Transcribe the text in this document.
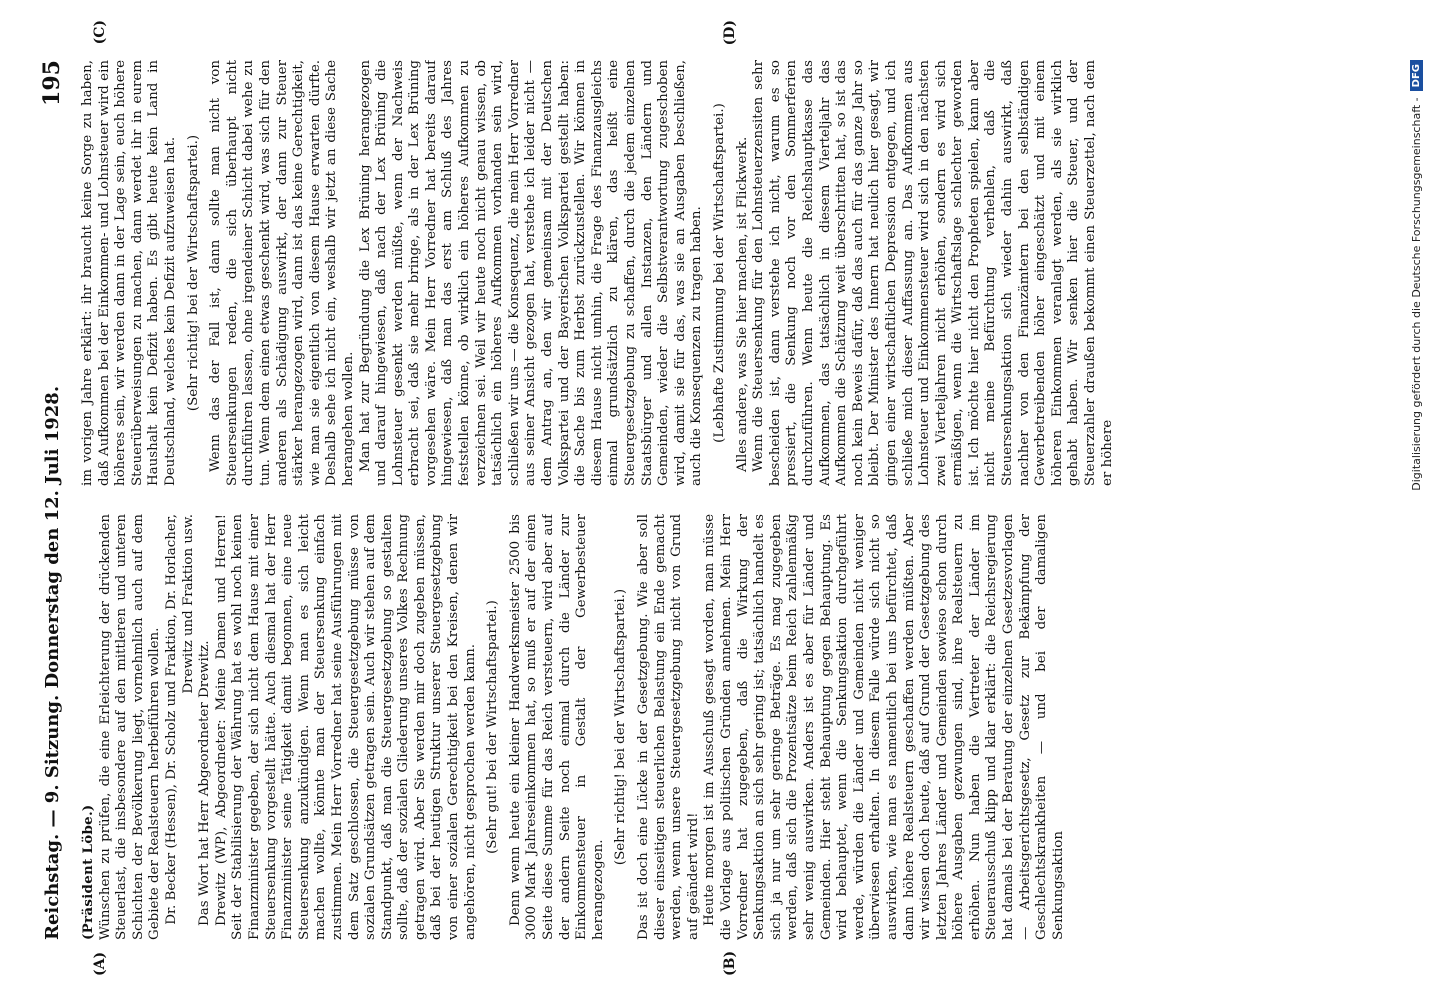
Reichstag. — 9. Sitzung. Donnerstag den 12. Juli 1928.
195

(Präsident Löbe.) Wünschen zu prüfen, die eine Erleichterung der drückenden Steuerlast, die insbesondere auf den mittleren und unteren Schichten der Bevölkerung liegt, vornehmlich auch auf dem Gebiete der Realsteuern herbeiführen wollen. Dr. Becker (Hessen), Dr. Scholz und Fraktion, Dr. Horlacher, Drewitz und Fraktion usw.

Das Wort hat Herr Abgeordneter Drewitz. Drewitz (WP), Abgeordneter: Meine Damen und Herren! Seit der Stabilisierung der Währung hat es wohl noch keinen Finanzminister gegeben, der sich nicht dem Hause mit einer Steuersenkung vorgestellt hätte. Auch diesmal hat der Herr Finanzminister seine Tätigkeit damit begonnen, eine neue Steuersenkung anzukündigen. Wenn man es sich leicht machen wollte, könnte man der Steuersenkung einfach zustimmen. Mein Herr Vorredner hat seine Ausführungen mit dem Satz geschlossen, die Steuergesetzgebung müsse von sozialen Grundsätzen getragen sein. Auch wir stehen auf dem Standpunkt, daß man die Steuergesetzgebung so gestalten sollte, daß der sozialen Gliederung unseres Volkes Rechnung getragen wird. Aber Sie werden mir doch zugeben müssen, daß bei der heutigen Struktur unserer Steuergesetzgebung von einer sozialen Gerechtigkeit bei den Kreisen, denen wir angehören, nicht gesprochen werden kann. (Sehr gut! bei der Wirtschaftspartei.) Denn wenn heute ein kleiner Handwerksmeister 2500 bis 3000 Mark Jahreseinkommen hat, so muß er auf der einen Seite diese Summe für das Reich versteuern, wird aber auf der andern Seite noch einmal durch die Länder zur Einkommensteuer in Gestalt der Gewerbesteuer herangezogen.

(Sehr richtig! bei der Wirtschaftspartei.) Das ist doch eine Lücke in der Gesetzgebung. Wie aber soll dieser einseitigen steuerlichen Belastung ein Ende gemacht werden, wenn unsere Steuergesetzgebung nicht von Grund auf geändert wird! Heute morgen ist im Ausschuß gesagt worden, man müsse die Vorlage aus politischen Gründen annehmen. Mein Herr Vorredner hat zugegeben, daß die Wirkung der Senkungsaktion an sich sehr gering ist; tatsächlich handelt es sich ja nur um sehr geringe Beträge. Es mag zugegeben werden, daß sich die Prozentsätze beim Reich zahlenmäßig sehr wenig auswirken. Anders ist es aber für Länder und Gemeinden. Hier steht Behauptung gegen Behauptung. Es wird behauptet, wenn die Senkungsaktion durchgeführt werde, würden die Länder und Gemeinden nicht weniger überwiesen erhalten. In diesem Falle würde sich nicht so auswirken, wie man es namentlich bei uns befürchtet, daß dann höhere Realsteuern geschaffen werden müßten. Aber wir wissen doch heute, daß auf Grund der Gesetzgebung des letzten Jahres Länder und Gemeinden sowieso schon durch höhere Ausgaben gezwungen sind, ihre Realsteuern zu erhöhen. Nun haben die Vertreter der Länder im Steuerausschuß klipp und klar erklärt: die Reichsregierung hat damals bei der Beratung der einzelnen Gesetzesvorlagen — Arbeitsgerichtsgesetz, Gesetz zur Bekämpfung der Geschlechtskrankheiten — und bei der damaligen Senkungsaktion

im vorigen Jahre erklärt: ihr braucht keine Sorge zu haben, daß Aufkommen bei der Einkommen- und Lohnsteuer wird ein höheres sein, wir werden dann in der Lage sein, euch höhere Steuerüberweisungen zu machen, dann werdet ihr in eurem Haushalt kein Defizit haben. Es gibt heute kein Land in Deutschland, welches kein Defizit aufzuweisen hat. (Sehr richtig! bei der Wirtschaftspartei.) Wenn das der Fall ist, dann sollte man nicht von Steuersenkungen reden, die sich überhaupt nicht durchführen lassen, ohne irgendeiner Schicht dabei wehe zu tun. Wenn dem einen etwas geschenkt wird, was sich für den anderen als Schädigung auswirkt, der dann zur Steuer stärker herangezogen wird, dann ist das keine Gerechtigkeit, wie man sie eigentlich von diesem Hause erwarten dürfte. Deshalb sehe ich nicht ein, weshalb wir jetzt an diese Sache herangehen wollen. Man hat zur Begründung die Lex Brüning herangezogen und darauf hingewiesen, daß nach der Lex Brüning die Lohnsteuer gesenkt werden müßte, wenn der Nachweis erbracht sei, daß sie mehr bringe, als in der Lex Brüning vorgesehen wäre. Mein Herr Vorredner hat bereits darauf hingewiesen, daß man das erst am Schluß des Jahres feststellen könne, ob wirklich ein höheres Aufkommen zu verzeichnen sei. Weil wir heute noch nicht genau wissen, ob tatsächlich ein höheres Aufkommen vorhanden sein wird, schließen wir uns — die Konsequenz, die mein Herr Vorredner aus seiner Ansicht gezogen hat, verstehe ich leider nicht — dem Antrag an, den wir gemeinsam mit der Deutschen Volkspartei und der Bayerischen Volkspartei gestellt haben: die Sache bis zum Herbst zurückzustellen. Wir können in diesem Hause nicht umhin, die Frage des Finanzausgleichs einmal grundsätzlich zu klären, das heißt eine Steuergesetzgebung zu schaffen, durch die jedem einzelnen Staatsbürger und allen Instanzen, den Ländern und Gemeinden, wieder die Selbstverantwortung zugeschoben wird, damit sie für das, was sie an Ausgaben beschließen, auch die Konsequenzen zu tragen haben. (Lebhafte Zustimmung bei der Wirtschaftspartei.) Alles andere, was Sie hier machen, ist Flickwerk. Wenn die Steuersenkung für den Lohnsteuerzensiten sehr bescheiden ist, dann verstehe ich nicht, warum es so pressiert, die Senkung noch vor den Sommerferien durchzuführen. Wenn heute die Reichshauptkasse das Aufkommen, das tatsächlich in diesem Vierteljahr das Aufkommen die Schätzung weit überschritten hat, so ist das noch kein Beweis dafür, daß das auch für das ganze Jahr so bleibt. Der Minister des Innern hat neulich hier gesagt, wir gingen einer wirtschaftlichen Depression entgegen, und ich schließe mich dieser Auffassung an. Das Aufkommen aus Lohnsteuer und Einkommensteuer wird sich in den nächsten zwei Vierteljahren nicht erhöhen, sondern es wird sich ermäßigen, wenn die Wirtschaftslage schlechter geworden ist. Ich möchte hier nicht den Propheten spielen, kann aber nicht meine Befürchtung verhehlen, daß die Steuersenkungsaktion sich wieder dahin auswirkt, daß nachher von den Finanzämtern bei den selbständigen Gewerbetreibenden höher eingeschätzt und mit einem höheren Einkommen veranlagt werden, als sie wirklich gehabt haben. Wir senken hier die Steuer, und der Steuerzahler draußen bekommt einen Steuerzettel, nach dem er höhere

(A)	(B)
(C)	(D)
Digitalisierung gefördert durch die Deutsche Forschungsgemeinschaft -
DFG
